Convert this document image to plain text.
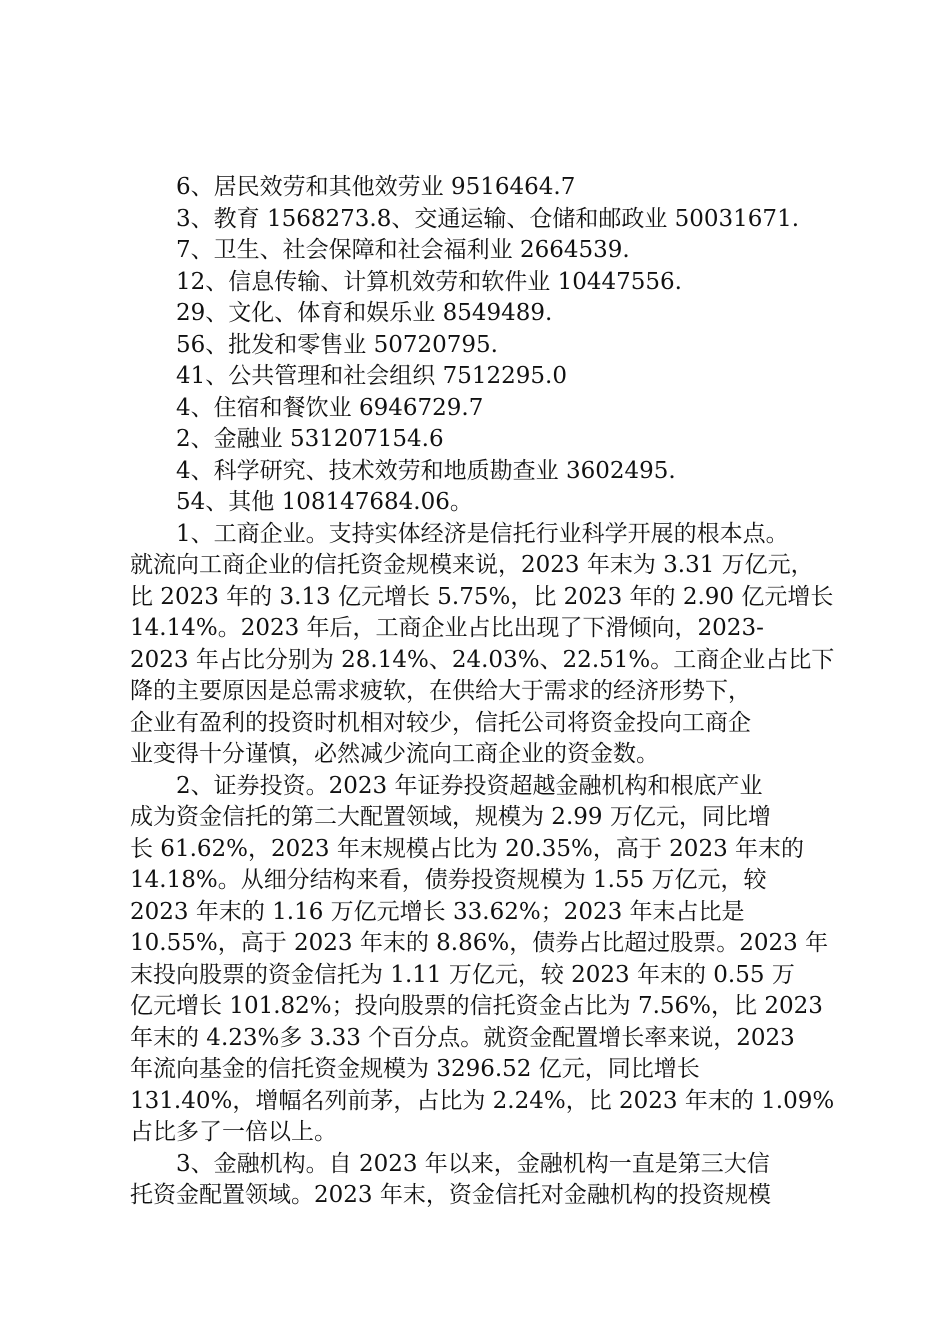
6、居民效劳和其他效劳业 9516464.7
3、教育 1568273.8、交通运输、仓储和邮政业 50031671.
7、卫生、社会保障和社会福利业 2664539.
12、信息传输、计算机效劳和软件业 10447556.
29、文化、体育和娱乐业 8549489.
56、批发和零售业 50720795.
41、公共管理和社会组织 7512295.0
4、住宿和餐饮业 6946729.7
2、金融业 531207154.6
4、科学研究、技术效劳和地质勘查业 3602495.
54、其他 108147684.06。
1、工商企业。支持实体经济是信托行业科学开展的根本点。
就流向工商企业的信托资金规模来说，2023 年末为 3.31 万亿元，
比 2023 年的 3.13 亿元增长 5.75%，比 2023 年的 2.90 亿元增长
14.14%。2023 年后，工商企业占比出现了下滑倾向，2023-
2023 年占比分别为 28.14%、24.03%、22.51%。工商企业占比下
降的主要原因是总需求疲软，在供给大于需求的经济形势下，
企业有盈利的投资时机相对较少，信托公司将资金投向工商企
业变得十分谨慎，必然减少流向工商企业的资金数。
2、证券投资。2023 年证券投资超越金融机构和根底产业
成为资金信托的第二大配置领域，规模为 2.99 万亿元，同比增
长 61.62%，2023 年末规模占比为 20.35%，高于 2023 年末的
14.18%。从细分结构来看，债券投资规模为 1.55 万亿元，较
2023 年末的 1.16 万亿元增长 33.62%；2023 年末占比是
10.55%，高于 2023 年末的 8.86%，债券占比超过股票。2023 年
末投向股票的资金信托为 1.11 万亿元，较 2023 年末的 0.55 万
亿元增长 101.82%；投向股票的信托资金占比为 7.56%，比 2023
年末的 4.23%多 3.33 个百分点。就资金配置增长率来说，2023
年流向基金的信托资金规模为 3296.52 亿元，同比增长
131.40%，增幅名列前茅，占比为 2.24%，比 2023 年末的 1.09%
占比多了一倍以上。
3、金融机构。自 2023 年以来，金融机构一直是第三大信
托资金配置领域。2023 年末，资金信托对金融机构的投资规模
